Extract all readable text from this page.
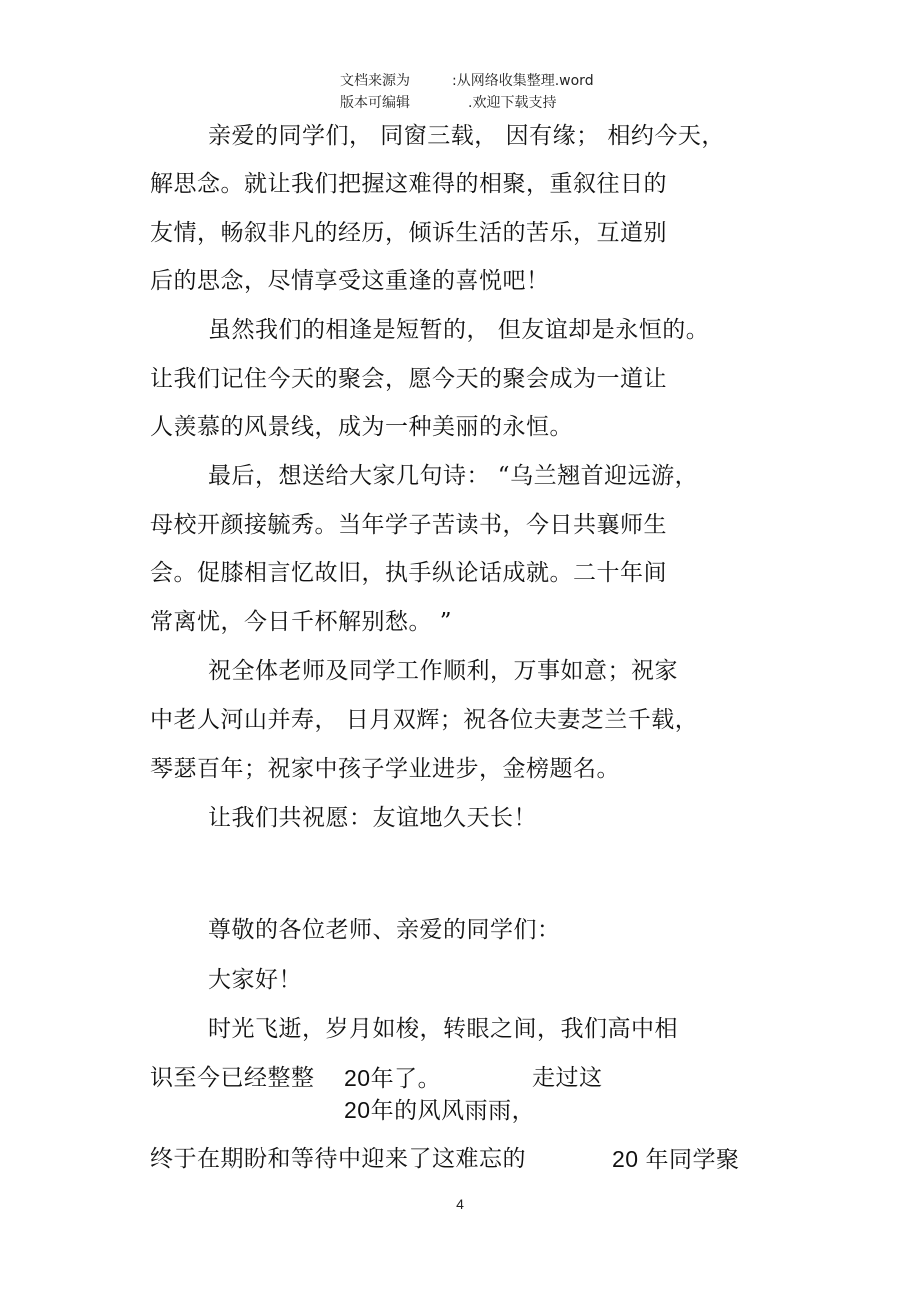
文档来源为	:从网络收集整理.word
版本可编辑	.欢迎下载支持
亲爱的同学们， 同窗三载， 因有缘； 相约今天，
解思念。就让我们把握这难得的相聚，重叙往日的
友情，畅叙非凡的经历，倾诉生活的苦乐，互道别
后的思念，尽情享受这重逢的喜悦吧！
虽然我们的相逢是短暂的， 但友谊却是永恒的。
让我们记住今天的聚会，愿今天的聚会成为一道让
人羡慕的风景线，成为一种美丽的永恒。
最后，想送给大家几句诗： “乌兰翘首迎远游，
母校开颜接毓秀。当年学子苦读书，今日共襄师生
会。促膝相言忆故旧，执手纵论话成就。二十年间
常离忧，今日千杯解别愁。 ”
祝全体老师及同学工作顺利，万事如意；祝家
中老人河山并寿， 日月双辉；祝各位夫妻芝兰千载，
琴瑟百年；祝家中孩子学业进步，金榜题名。
让我们共祝愿：友谊地久天长！
尊敬的各位老师、亲爱的同学们：
大家好！
时光飞逝，岁月如梭，转眼之间，我们高中相
识至今已经整整 20年了。	走过这
20年的风风雨雨，
终于在期盼和等待中迎来了这难忘的	20 年同学聚
4
